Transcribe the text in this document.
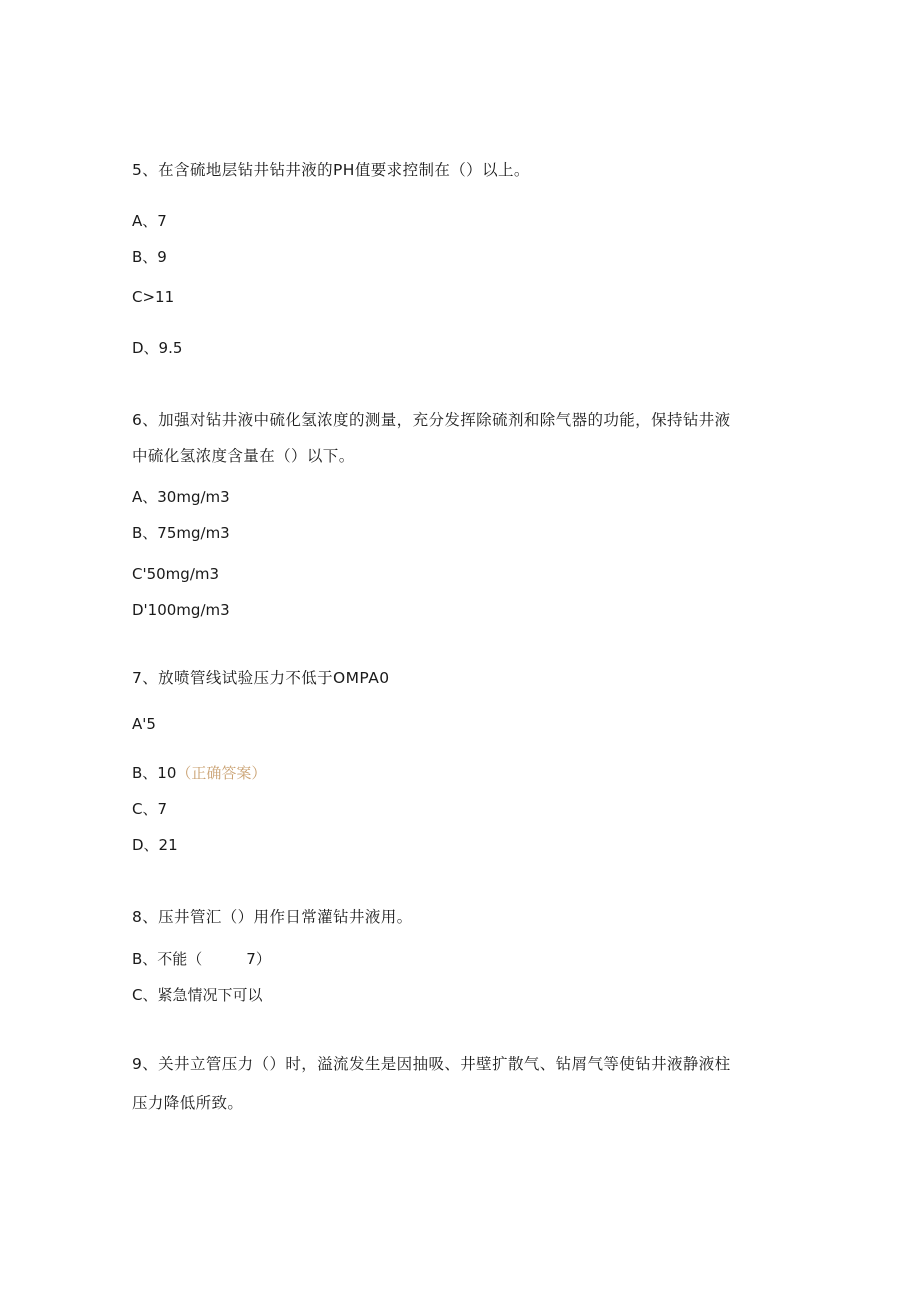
5、在含硫地层钻井钻井液的PH值要求控制在（）以上。
A、7
B、9
C>11
D、9.5
6、加强对钻井液中硫化氢浓度的测量，充分发挥除硫剂和除气器的功能，保持钻井液
中硫化氢浓度含量在（）以下。
A、30mg∕m3
B、75mg∕m3
C'50mg∕m3
D'100mg∕m3
7、放喷管线试验压力不低于OMPA0
A'5
B、10（正确答案）
C、7
D、21
8、压井管汇（）用作日常灌钻井液用。
B、不能（	7）
C、紧急情况下可以
9、关井立管压力（）时，溢流发生是因抽吸、井壁扩散气、钻屑气等使钻井液静液柱
压力降低所致。
